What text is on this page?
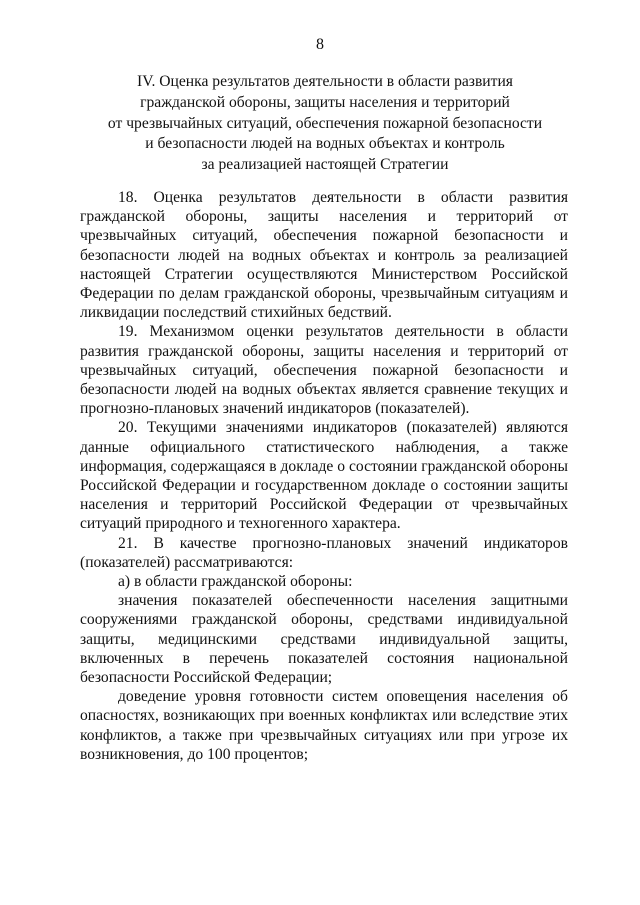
8
IV. Оценка результатов деятельности в области развития
гражданской обороны, защиты населения и территорий
от чрезвычайных ситуаций, обеспечения пожарной безопасности
и безопасности людей на водных объектах и контроль
за реализацией настоящей Стратегии

18. Оценка результатов деятельности в области развития гражданской обороны, защиты населения и территорий от чрезвычайных ситуаций, обеспечения пожарной безопасности и безопасности людей на водных объектах и контроль за реализацией настоящей Стратегии осуществляются Министерством Российской Федерации по делам гражданской обороны, чрезвычайным ситуациям и ликвидации последствий стихийных бедствий.

19. Механизмом оценки результатов деятельности в области развития гражданской обороны, защиты населения и территорий от чрезвычайных ситуаций, обеспечения пожарной безопасности и безопасности людей на водных объектах является сравнение текущих и прогнозно-плановых значений индикаторов (показателей).

20. Текущими значениями индикаторов (показателей) являются данные официального статистического наблюдения, а также информация, содержащаяся в докладе о состоянии гражданской обороны Российской Федерации и государственном докладе о состоянии защиты населения и территорий Российской Федерации от чрезвычайных ситуаций природного и техногенного характера.

21. В качестве прогнозно-плановых значений индикаторов (показателей) рассматриваются:

а) в области гражданской обороны:

значения показателей обеспеченности населения защитными сооружениями гражданской обороны, средствами индивидуальной защиты, медицинскими средствами индивидуальной защиты, включенных в перечень показателей состояния национальной безопасности Российской Федерации;

доведение уровня готовности систем оповещения населения об опасностях, возникающих при военных конфликтах или вследствие этих конфликтов, а также при чрезвычайных ситуациях или при угрозе их возникновения, до 100 процентов;
